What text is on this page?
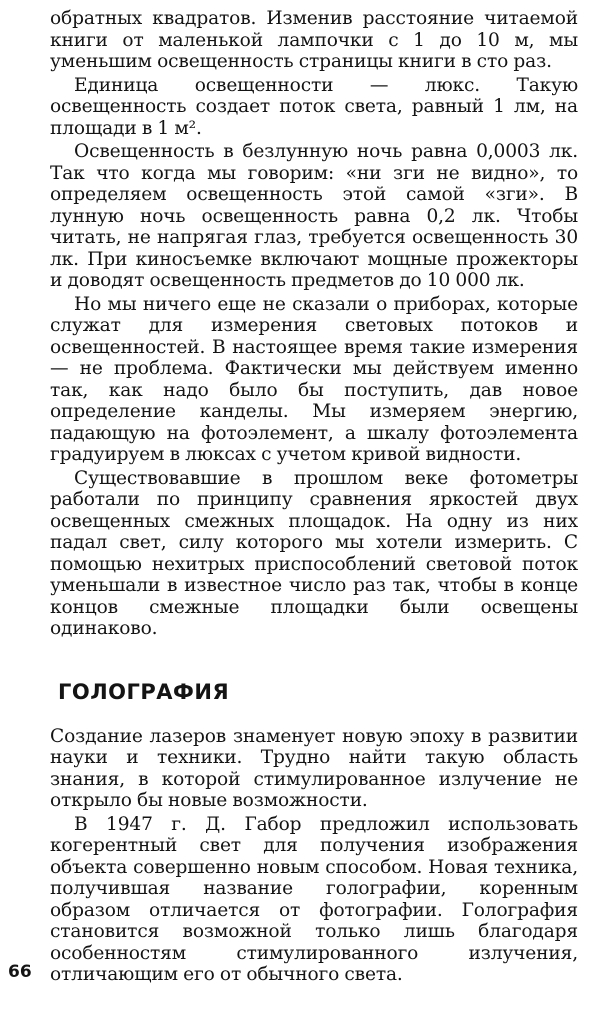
обратных квадратов. Изменив расстояние читаемой книги от маленькой лампочки с 1 до 10 м, мы уменьшим освещенность страницы книги в сто раз.

Единица освещенности — люкс. Такую освещенность создает поток света, равный 1 лм, на площади в 1 м².

Освещенность в безлунную ночь равна 0,0003 лк. Так что когда мы говорим: «ни зги не видно», то определяем освещенность этой самой «зги». В лунную ночь освещенность равна 0,2 лк. Чтобы читать, не напрягая глаз, требуется освещенность 30 лк. При киносъемке включают мощные прожекторы и доводят освещенность предметов до 10 000 лк.

Но мы ничего еще не сказали о приборах, которые служат для измерения световых потоков и освещенностей. В настоящее время такие измерения — не проблема. Фактически мы действуем именно так, как надо было бы поступить, дав новое определение канделы. Мы измеряем энергию, падающую на фотоэлемент, а шкалу фотоэлемента градуируем в люксах с учетом кривой видности.

Существовавшие в прошлом веке фотометры работали по принципу сравнения яркостей двух освещенных смежных площадок. На одну из них падал свет, силу которого мы хотели измерить. С помощью нехитрых приспособлений световой поток уменьшали в известное число раз так, чтобы в конце концов смежные площадки были освещены одинаково.

ГОЛОГРАФИЯ

Создание лазеров знаменует новую эпоху в развитии науки и техники. Трудно найти такую область знания, в которой стимулированное излучение не открыло бы новые возможности.

В 1947 г. Д. Габор предложил использовать когерентный свет для получения изображения объекта совершенно новым способом. Новая техника, получившая название голографии, коренным образом отличается от фотографии. Голография становится возможной только лишь благодаря особенностям стимулированного излучения, отличающим его от обычного света.

66
